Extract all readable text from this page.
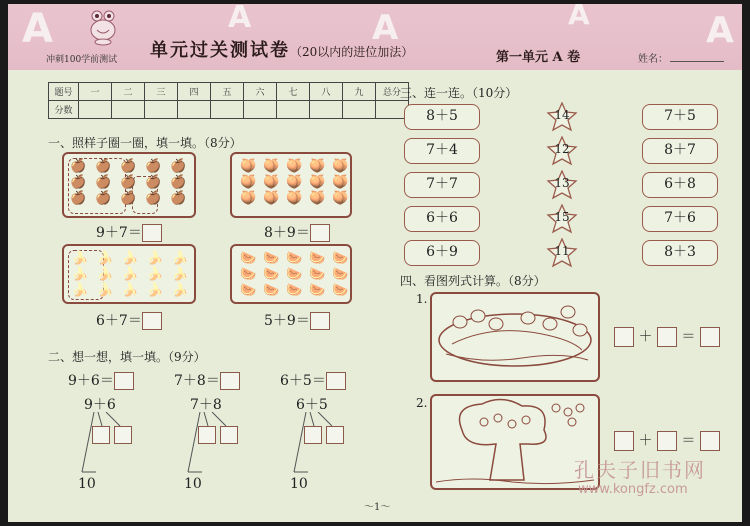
A	A	A	A	A
单元过关测试卷（20以内的进位加法）
冲刺100学前测试	第一单元 A 卷	姓名：
题号	一	二	三	四	五	六	七	八	九	总分
分数										
一、照样子圈一圈，填一填。（8分）
🍎 🍎 🍎 🍎 🍎
🍎 🍎 🍎 🍎 🍎
🍎 🍎 🍎 🍎 🍎
🍑 🍑 🍑 🍑 🍑
🍑 🍑 🍑 🍑 🍑
🍑 🍑 🍑 🍑 🍑
9＋7＝	8＋9＝
🍌 🍌 🍌 🍌 🍌
🍌 🍌 🍌 🍌 🍌
🍌 🍌 🍌 🍌 🍌
🍉 🍉 🍉 🍉 🍉
🍉 🍉 🍉 🍉 🍉
🍉 🍉 🍉 🍉 🍉
6＋7＝	5＋9＝
二、想一想，填一填。（9分）
9＋6＝	7＋8＝	6＋5＝
9＋6
10
7＋8
10
6＋5
10
三、连一连。（10分）
8＋5	14	7＋5
7＋4	12	8＋7
7＋7	13	6＋8
6＋6	15	7＋6
6＋9	11	8＋3
四、看图列式计算。（8分）
1.
＋ ＝
2.
＋ ＝
孔夫子旧书网
www.kongfz.com
～1～
